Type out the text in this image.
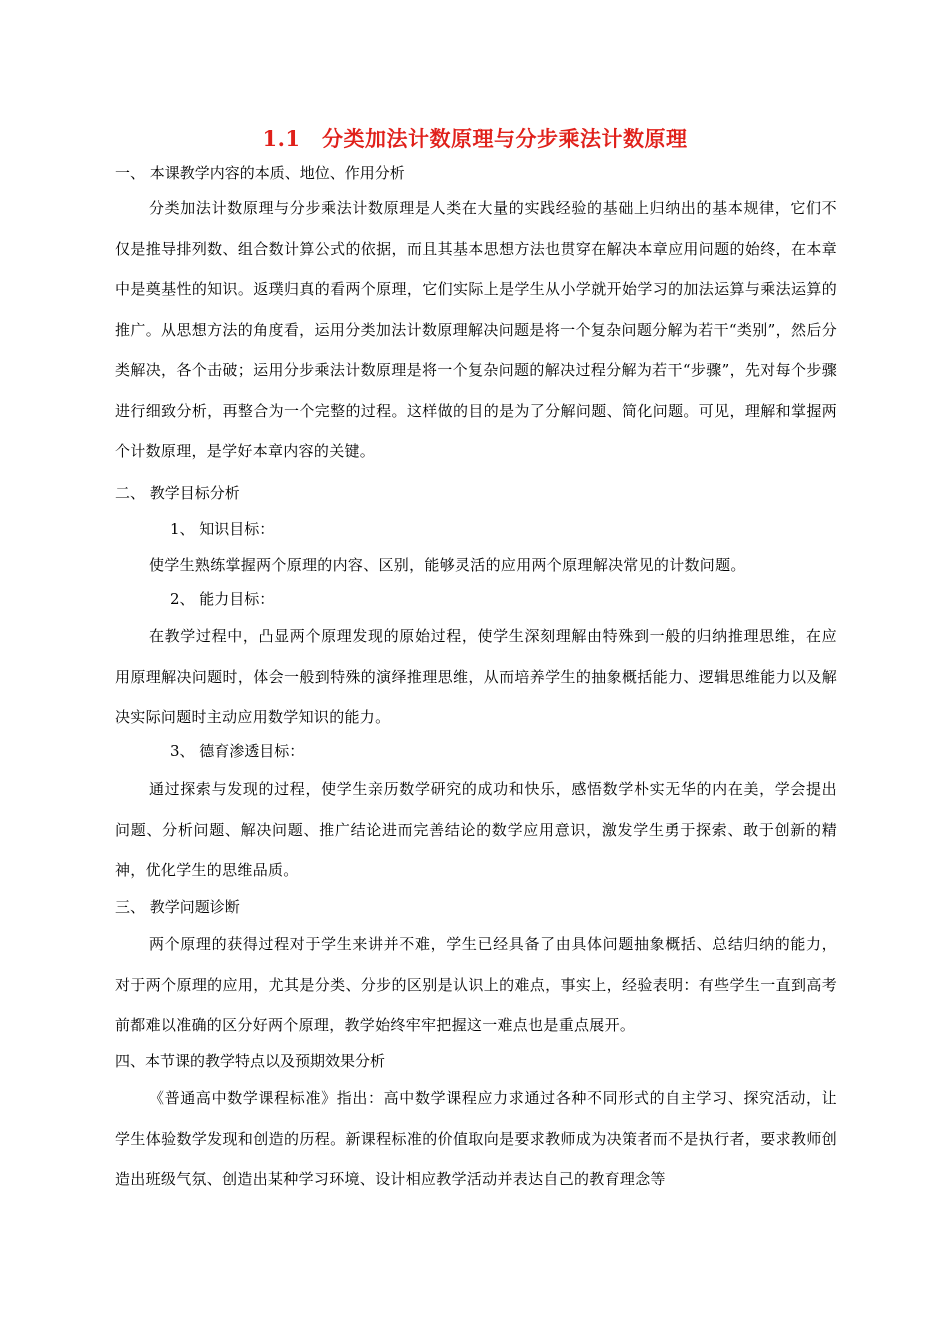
1.1　分类加法计数原理与分步乘法计数原理
一、 本课教学内容的本质、地位、作用分析
分类加法计数原理与分步乘法计数原理是人类在大量的实践经验的基础上归纳出的基本规律，它们不仅是推导排列数、组合数计算公式的依据，而且其基本思想方法也贯穿在解决本章应用问题的始终，在本章中是奠基性的知识。返璞归真的看两个原理，它们实际上是学生从小学就开始学习的加法运算与乘法运算的推广。从思想方法的角度看，运用分类加法计数原理解决问题是将一个复杂问题分解为若干“类别”，然后分类解决，各个击破；运用分步乘法计数原理是将一个复杂问题的解决过程分解为若干“步骤”，先对每个步骤进行细致分析，再整合为一个完整的过程。这样做的目的是为了分解问题、简化问题。可见，理解和掌握两个计数原理，是学好本章内容的关键。
二、 教学目标分析
1、 知识目标：
使学生熟练掌握两个原理的内容、区别，能够灵活的应用两个原理解决常见的计数问题。
2、 能力目标：
在教学过程中，凸显两个原理发现的原始过程，使学生深刻理解由特殊到一般的归纳推理思维，在应用原理解决问题时，体会一般到特殊的演绎推理思维，从而培养学生的抽象概括能力、逻辑思维能力以及解决实际问题时主动应用数学知识的能力。
3、 德育渗透目标：
通过探索与发现的过程，使学生亲历数学研究的成功和快乐，感悟数学朴实无华的内在美，学会提出问题、分析问题、解决问题、推广结论进而完善结论的数学应用意识，激发学生勇于探索、敢于创新的精神，优化学生的思维品质。
三、 教学问题诊断
两个原理的获得过程对于学生来讲并不难，学生已经具备了由具体问题抽象概括、总结归纳的能力，对于两个原理的应用，尤其是分类、分步的区别是认识上的难点，事实上，经验表明：有些学生一直到高考前都难以准确的区分好两个原理，教学始终牢牢把握这一难点也是重点展开。
四、本节课的教学特点以及预期效果分析
《普通高中数学课程标准》指出：高中数学课程应力求通过各种不同形式的自主学习、探究活动，让学生体验数学发现和创造的历程。新课程标准的价值取向是要求教师成为决策者而不是执行者，要求教师创造出班级气氛、创造出某种学习环境、设计相应教学活动并表达自己的教育理念等
